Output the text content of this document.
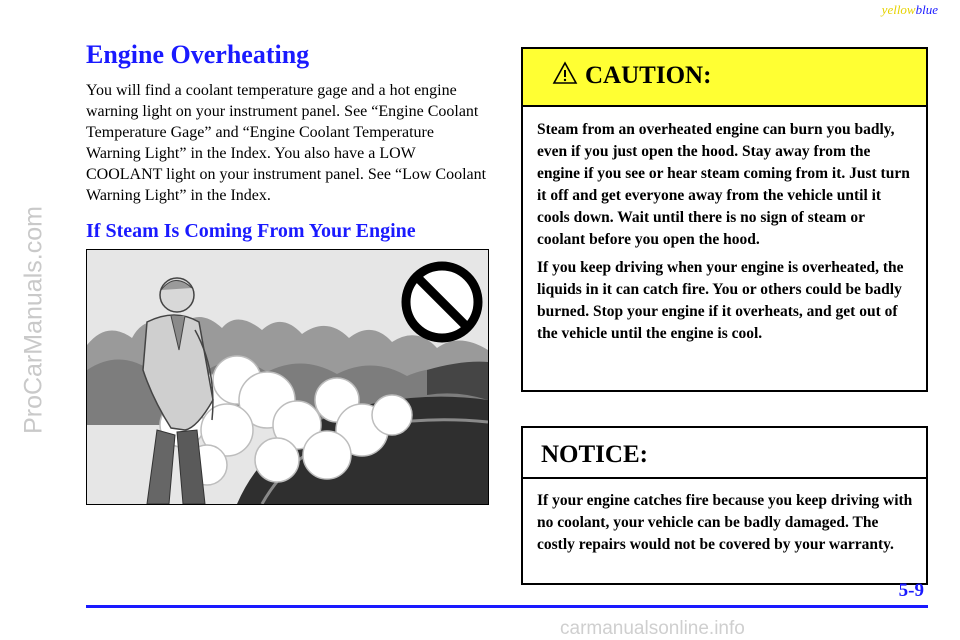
yellowblue
ProCarManuals.com
carmanualsonline.info
Engine Overheating

You will find a coolant temperature gage and a hot engine warning light on your instrument panel. See “Engine Coolant Temperature Gage” and “Engine Coolant Temperature Warning Light” in the Index. You also have a LOW COOLANT light on your instrument panel. See “Low Coolant Warning Light” in the Index.

If Steam Is Coming From Your Engine
CAUTION:

Steam from an overheated engine can burn you badly, even if you just open the hood. Stay away from the engine if you see or hear steam coming from it. Just turn it off and get everyone away from the vehicle until it cools down. Wait until there is no sign of steam or coolant before you open the hood.

If you keep driving when your engine is overheated, the liquids in it can catch fire. You or others could be badly burned. Stop your engine if it overheats, and get out of the vehicle until the engine is cool.

NOTICE:

If your engine catches fire because you keep driving with no coolant, your vehicle can be badly damaged. The costly repairs would not be covered by your warranty.

5-9
